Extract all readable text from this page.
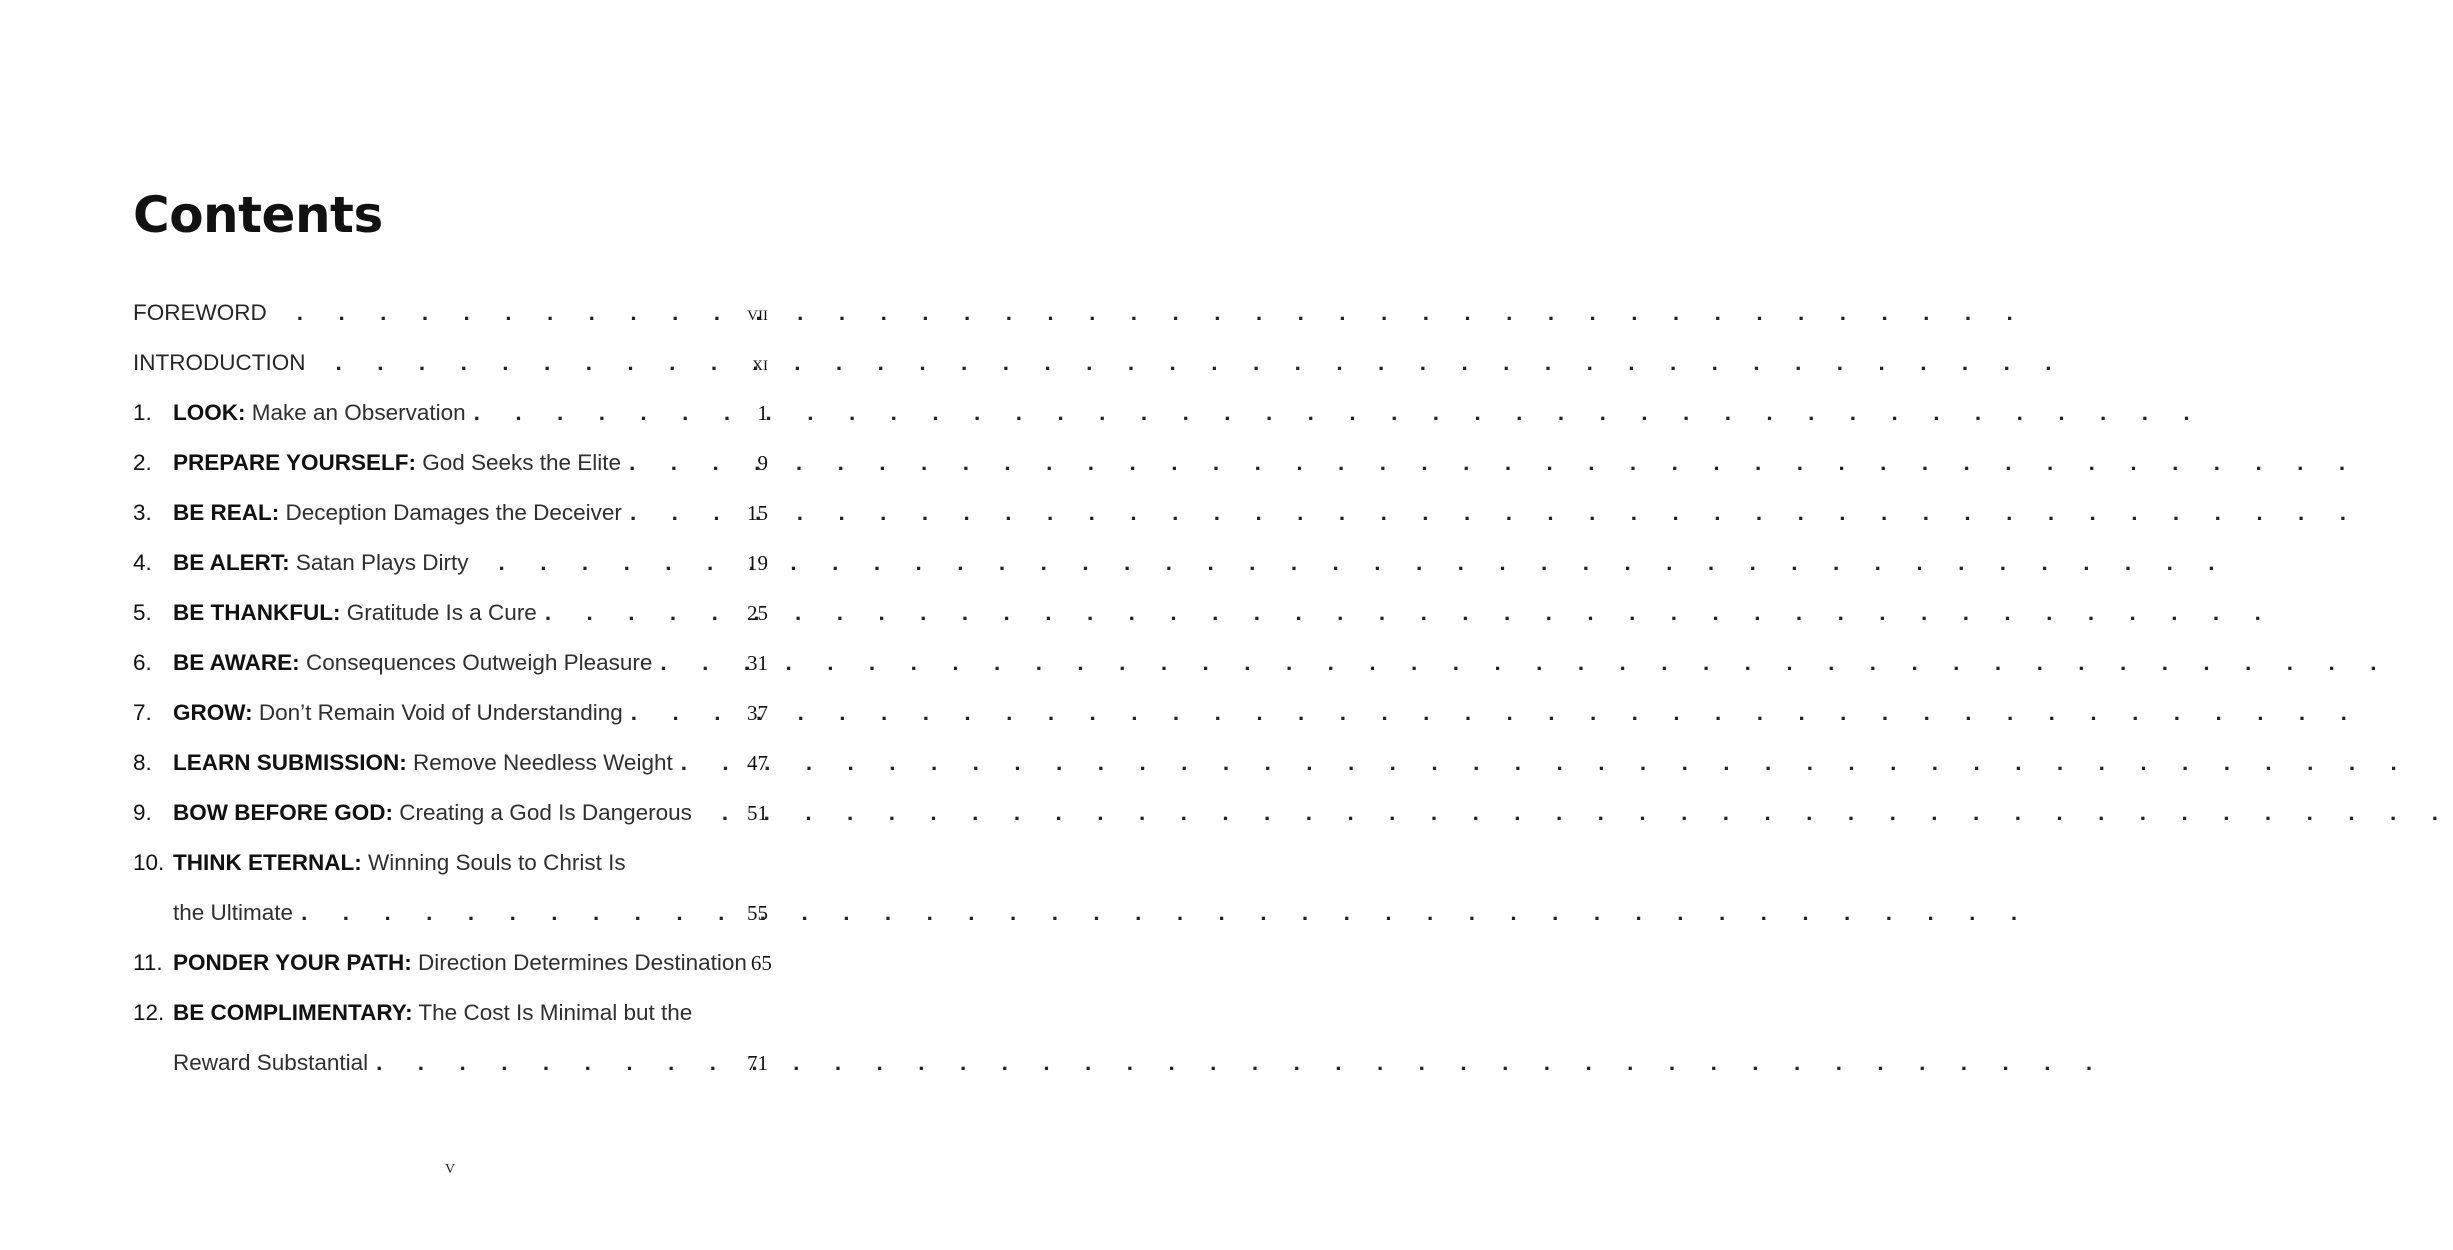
Contents
FOREWORD . . .	vii
INTRODUCTION . . .	xi
1. LOOK: Make an Observation . . .	1
2. PREPARE YOURSELF: God Seeks the Elite . . .	9
3. BE REAL: Deception Damages the Deceiver . . .	15
4. BE ALERT: Satan Plays Dirty . . .	19
5. BE THANKFUL: Gratitude Is a Cure . . .	25
6. BE AWARE: Consequences Outweigh Pleasure . . .	31
7. GROW: Don’t Remain Void of Understanding . . .	37
8. LEARN SUBMISSION: Remove Needless Weight . . .	47
9. BOW BEFORE GOD: Creating a God Is Dangerous . . .	51
10. THINK ETERNAL: Winning Souls to Christ Is
the Ultimate . . .	55
11. PONDER YOUR PATH: Direction Determines Destination 65
12. BE COMPLIMENTARY: The Cost Is Minimal but the
Reward Substantial . . .	71
v
